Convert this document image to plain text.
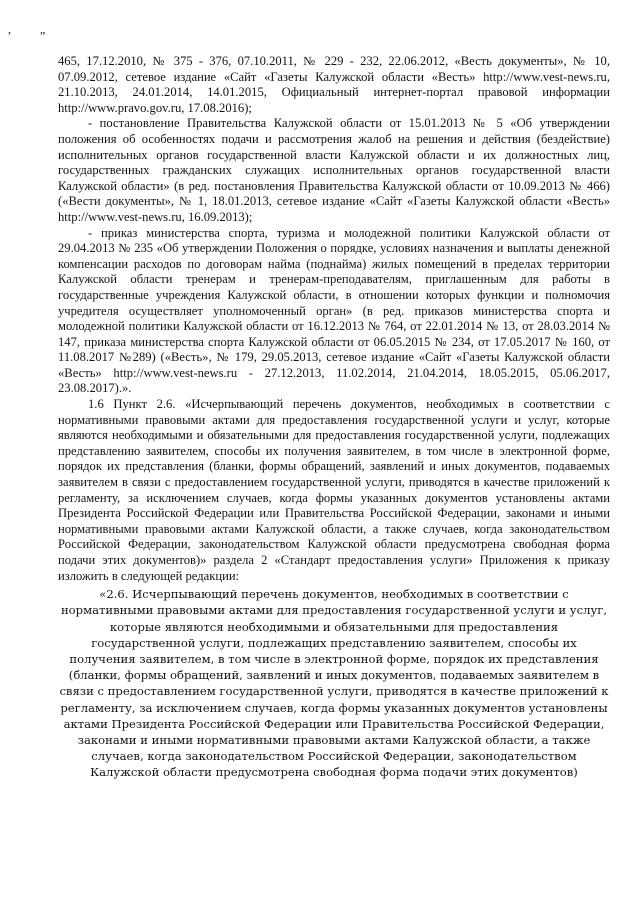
, „

465, 17.12.2010, № 375 - 376, 07.10.2011, № 229 - 232, 22.06.2012, «Весть документы», № 10, 07.09.2012, сетевое издание «Сайт «Газеты Калужской области «Весть» http://www.vest-news.ru, 21.10.2013, 24.01.2014, 14.01.2015, Официальный интернет-портал правовой информации http://www.pravo.gov.ru, 17.08.2016);

- постановление Правительства Калужской области от 15.01.2013 № 5 «Об утверждении положения об особенностях подачи и рассмотрения жалоб на решения и действия (бездействие) исполнительных органов государственной власти Калужской области и их должностных лиц, государственных гражданских служащих исполнительных органов государственной власти Калужской области» (в ред. постановления Правительства Калужской области от 10.09.2013 № 466) («Вести документы», № 1, 18.01.2013, сетевое издание «Сайт «Газеты Калужской области «Весть» http://www.vest-news.ru, 16.09.2013);

- приказ министерства спорта, туризма и молодежной политики Калужской области от 29.04.2013 № 235 «Об утверждении Положения о порядке, условиях назначения и выплаты денежной компенсации расходов по договорам найма (поднайма) жилых помещений в пределах территории Калужской области тренерам и тренерам-преподавателям, приглашенным для работы в государственные учреждения Калужской области, в отношении которых функции и полномочия учредителя осуществляет уполномоченный орган» (в ред. приказов министерства спорта и молодежной политики Калужской области от 16.12.2013 № 764, от 22.01.2014 № 13, от 28.03.2014 № 147, приказа министерства спорта Калужской области от 06.05.2015 № 234, от 17.05.2017 № 160, от 11.08.2017 №289) («Весть», № 179, 29.05.2013, сетевое издание «Сайт «Газеты Калужской области «Весть» http://www.vest-news.ru - 27.12.2013, 11.02.2014, 21.04.2014, 18.05.2015, 05.06.2017, 23.08.2017).».

1.6 Пункт 2.6. «Исчерпывающий перечень документов, необходимых в соответствии с нормативными правовыми актами для предоставления государственной услуги и услуг, которые являются необходимыми и обязательными для предоставления государственной услуги, подлежащих представлению заявителем, способы их получения заявителем, в том числе в электронной форме, порядок их представления (бланки, формы обращений, заявлений и иных документов, подаваемых заявителем в связи с предоставлением государственной услуги, приводятся в качестве приложений к регламенту, за исключением случаев, когда формы указанных документов установлены актами Президента Российской Федерации или Правительства Российской Федерации, законами и иными нормативными правовыми актами Калужской области, а также случаев, когда законодательством Российской Федерации, законодательством Калужской области предусмотрена свободная форма подачи этих документов)» раздела 2 «Стандарт предоставления услуги» Приложения к приказу изложить в следующей редакции:

«2.6. Исчерпывающий перечень документов, необходимых в соответствии с нормативными правовыми актами для предоставления государственной услуги и услуг, которые являются необходимыми и обязательными для предоставления государственной услуги, подлежащих представлению заявителем, способы их получения заявителем, в том числе в электронной форме, порядок их представления (бланки, формы обращений, заявлений и иных документов, подаваемых заявителем в связи с предоставлением государственной услуги, приводятся в качестве приложений к регламенту, за исключением случаев, когда формы указанных документов установлены актами Президента Российской Федерации или Правительства Российской Федерации, законами и иными нормативными правовыми актами Калужской области, а также случаев, когда законодательством Российской Федерации, законодательством Калужской области предусмотрена свободная форма подачи этих документов)
